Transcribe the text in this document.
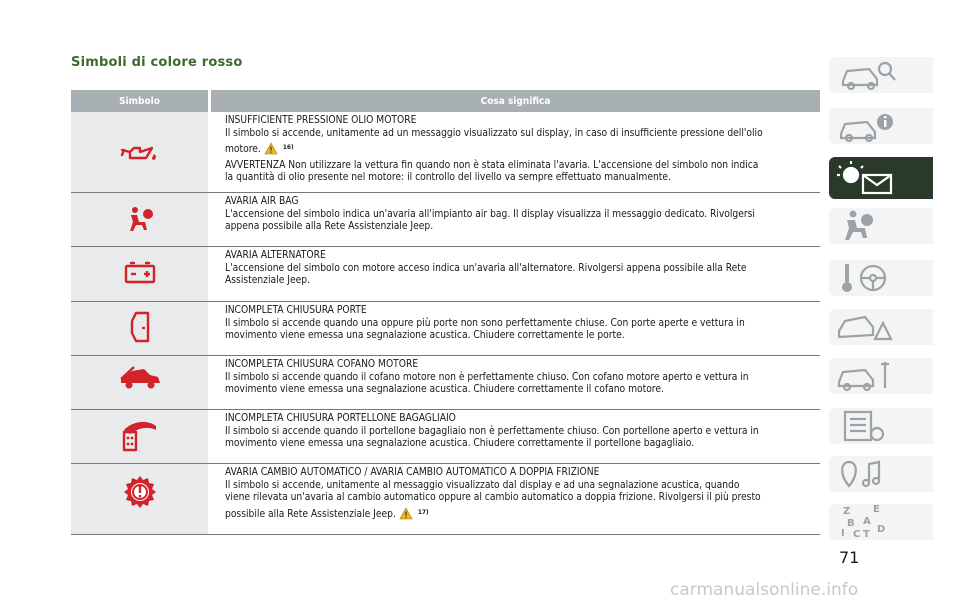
Simboli di colore rosso
Simbolo	Cosa significa
INSUFFICIENTE PRESSIONE OLIO MOTORE
Il simbolo si accende, unitamente ad un messaggio visualizzato sul display, in caso di insufficiente pressione dell'olio
motore.	$^{16)}$
AVVERTENZA Non utilizzare la vettura fin quando non è stata eliminata l'avaria. L'accensione del simbolo non indica
la quantità di olio presente nel motore: il controllo del livello va sempre effettuato manualmente.
AVARIA AIR BAG
L'accensione del simbolo indica un'avaria all'impianto air bag. Il display visualizza il messaggio dedicato. Rivolgersi
appena possibile alla Rete Assistenziale Jeep.
AVARIA ALTERNATORE
L'accensione del simbolo con motore acceso indica un'avaria all'alternatore. Rivolgersi appena possibile alla Rete
Assistenziale Jeep.
INCOMPLETA CHIUSURA PORTE
Il simbolo si accende quando una oppure più porte non sono perfettamente chiuse. Con porte aperte e vettura in
movimento viene emessa una segnalazione acustica. Chiudere correttamente le porte.
INCOMPLETA CHIUSURA COFANO MOTORE
Il simbolo si accende quando il cofano motore non è perfettamente chiuso. Con cofano motore aperto e vettura in
movimento viene emessa una segnalazione acustica. Chiudere correttamente il cofano motore.
INCOMPLETA CHIUSURA PORTELLONE BAGAGLIAIO
Il simbolo si accende quando il portellone bagagliaio non è perfettamente chiuso. Con portellone aperto e vettura in
movimento viene emessa una segnalazione acustica. Chiudere correttamente il portellone bagagliaio.
AVARIA CAMBIO AUTOMATICO / AVARIA CAMBIO AUTOMATICO A DOPPIA FRIZIONE
Il simbolo si accende, unitamente al messaggio visualizzato dal display e ad una segnalazione acustica, quando
viene rilevata un'avaria al cambio automatico oppure al cambio automatico a doppia frizione. Rivolgersi il più presto
possibile alla Rete Assistenziale Jeep.	$^{17)}$	Z E
B A
I C T D
71
carmanualsonline.info
